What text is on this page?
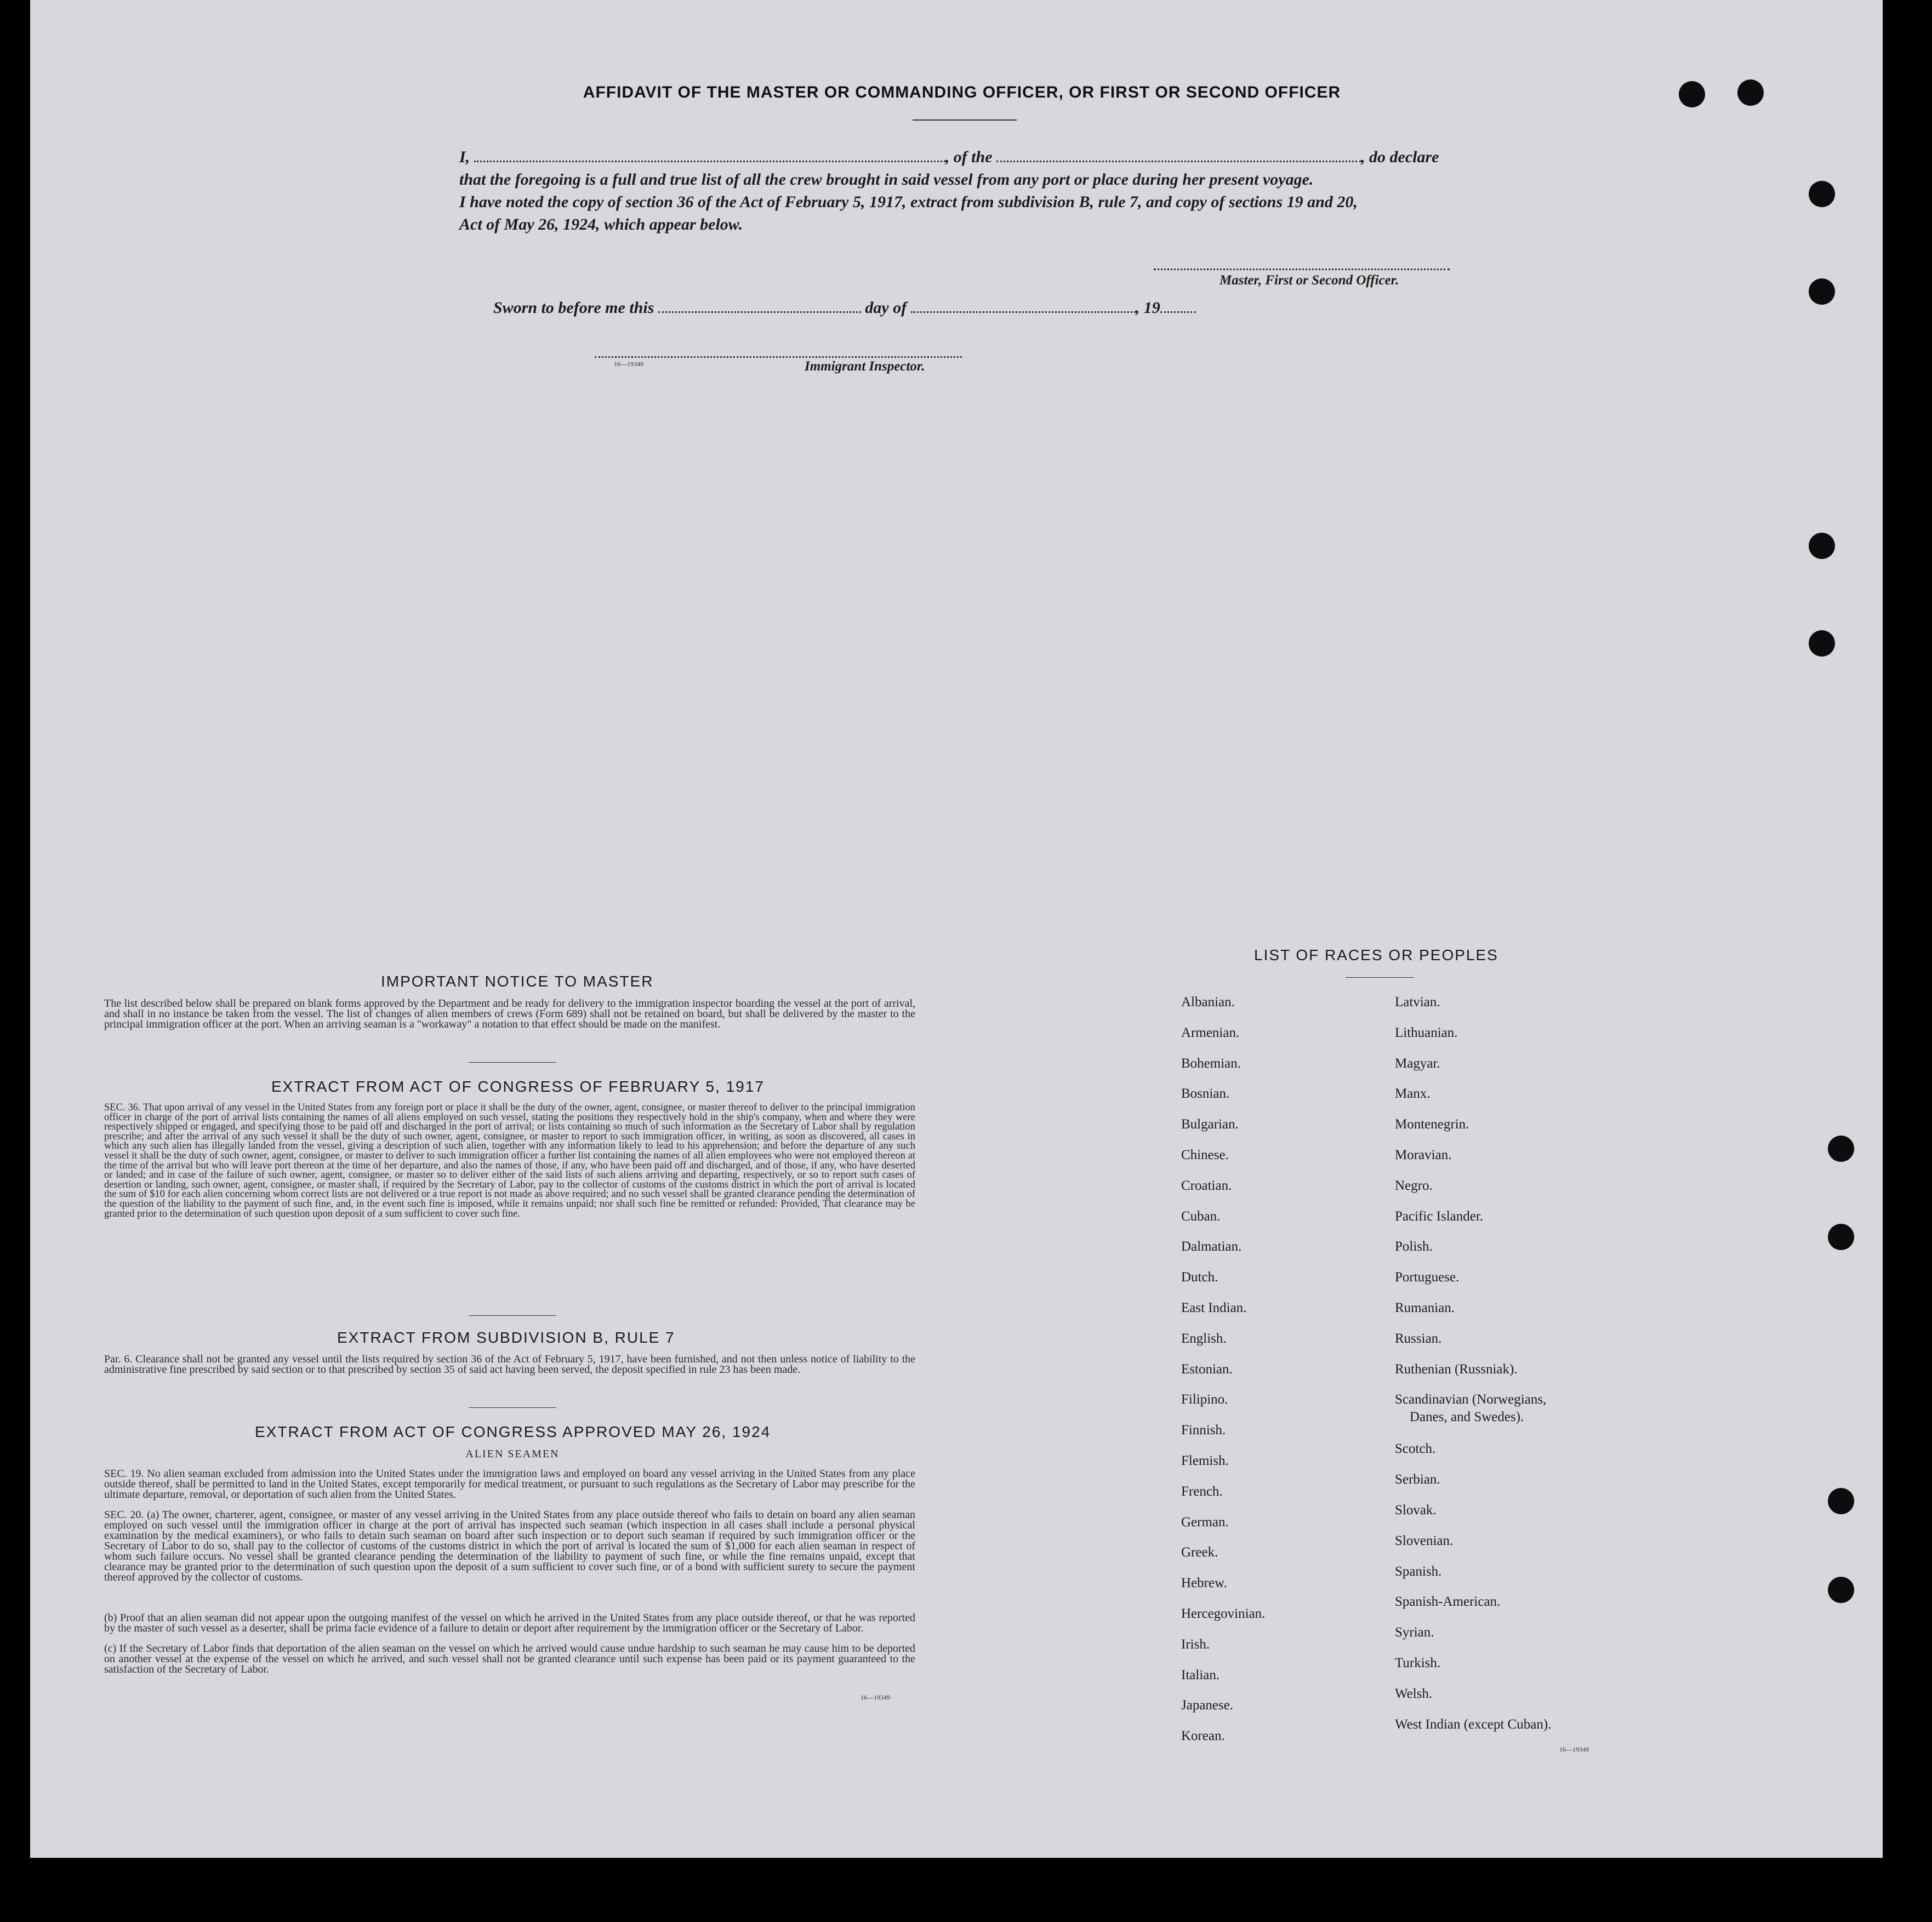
AFFIDAVIT OF THE MASTER OR COMMANDING OFFICER, OR FIRST OR SECOND OFFICER
I,	, of the	, do declare
that the foregoing is a full and true list of all the crew brought in said vessel from any port or place during her present voyage.
I have noted the copy of section 36 of the Act of February 5, 1917, extract from subdivision B, rule 7, and copy of sections 19 and 20,
Act of May 26, 1924, which appear below.
Master, First or Second Officer.
Sworn to before me this	day of	, 19
16—19349	Immigrant Inspector.
IMPORTANT NOTICE TO MASTER
The list described below shall be prepared on blank forms approved by the Department and be ready for delivery to the immigration inspector boarding the vessel at the port of arrival, and shall in no instance be taken from the vessel. The list of changes of alien members of crews (Form 689) shall not be retained on board, but shall be delivered by the master to the principal immigration officer at the port. When an arriving seaman is a "workaway" a notation to that effect should be made on the manifest.
EXTRACT FROM ACT OF CONGRESS OF FEBRUARY 5, 1917
SEC. 36. That upon arrival of any vessel in the United States from any foreign port or place it shall be the duty of the owner, agent, consignee, or master thereof to deliver to the principal immigration officer in charge of the port of arrival lists containing the names of all aliens employed on such vessel, stating the positions they respectively hold in the ship's company, when and where they were respectively shipped or engaged, and specifying those to be paid off and discharged in the port of arrival; or lists containing so much of such information as the Secretary of Labor shall by regulation prescribe; and after the arrival of any such vessel it shall be the duty of such owner, agent, consignee, or master to report to such immigration officer, in writing, as soon as discovered, all cases in which any such alien has illegally landed from the vessel, giving a description of such alien, together with any information likely to lead to his apprehension; and before the departure of any such vessel it shall be the duty of such owner, agent, consignee, or master to deliver to such immigration officer a further list containing the names of all alien employees who were not employed thereon at the time of the arrival but who will leave port thereon at the time of her departure, and also the names of those, if any, who have been paid off and discharged, and of those, if any, who have deserted or landed; and in case of the failure of such owner, agent, consignee, or master so to deliver either of the said lists of such aliens arriving and departing, respectively, or so to report such cases of desertion or landing, such owner, agent, consignee, or master shall, if required by the Secretary of Labor, pay to the collector of customs of the customs district in which the port of arrival is located the sum of $10 for each alien concerning whom correct lists are not delivered or a true report is not made as above required; and no such vessel shall be granted clearance pending the determination of the question of the liability to the payment of such fine, and, in the event such fine is imposed, while it remains unpaid; nor shall such fine be remitted or refunded: Provided, That clearance may be granted prior to the determination of such question upon deposit of a sum sufficient to cover such fine.
EXTRACT FROM SUBDIVISION B, RULE 7
Par. 6. Clearance shall not be granted any vessel until the lists required by section 36 of the Act of February 5, 1917, have been furnished, and not then unless notice of liability to the administrative fine prescribed by said section or to that prescribed by section 35 of said act having been served, the deposit specified in rule 23 has been made.
EXTRACT FROM ACT OF CONGRESS APPROVED MAY 26, 1924
ALIEN SEAMEN
SEC. 19. No alien seaman excluded from admission into the United States under the immigration laws and employed on board any vessel arriving in the United States from any place outside thereof, shall be permitted to land in the United States, except temporarily for medical treatment, or pursuant to such regulations as the Secretary of Labor may prescribe for the ultimate departure, removal, or deportation of such alien from the United States.
SEC. 20. (a) The owner, charterer, agent, consignee, or master of any vessel arriving in the United States from any place outside thereof who fails to detain on board any alien seaman employed on such vessel until the immigration officer in charge at the port of arrival has inspected such seaman (which inspection in all cases shall include a personal physical examination by the medical examiners), or who fails to detain such seaman on board after such inspection or to deport such seaman if required by such immigration officer or the Secretary of Labor to do so, shall pay to the collector of customs of the customs district in which the port of arrival is located the sum of $1,000 for each alien seaman in respect of whom such failure occurs. No vessel shall be granted clearance pending the determination of the liability to payment of such fine, or while the fine remains unpaid, except that clearance may be granted prior to the determination of such question upon the deposit of a sum sufficient to cover such fine, or of a bond with sufficient surety to secure the payment thereof approved by the collector of customs.
(b) Proof that an alien seaman did not appear upon the outgoing manifest of the vessel on which he arrived in the United States from any place outside thereof, or that he was reported by the master of such vessel as a deserter, shall be prima facie evidence of a failure to detain or deport after requirement by the immigration officer or the Secretary of Labor.
(c) If the Secretary of Labor finds that deportation of the alien seaman on the vessel on which he arrived would cause undue hardship to such seaman he may cause him to be deported on another vessel at the expense of the vessel on which he arrived, and such vessel shall not be granted clearance until such expense has been paid or its payment guaranteed to the satisfaction of the Secretary of Labor.
16—19349
LIST OF RACES OR PEOPLES
16—19349
Albanian.
Armenian.
Bohemian.
Bosnian.
Bulgarian.
Chinese.
Croatian.
Cuban.
Dalmatian.
Dutch.
East Indian.
English.
Estonian.
Filipino.
Finnish.
Flemish.
French.
German.
Greek.
Hebrew.
Hercegovinian.
Irish.
Italian.
Japanese.
Korean.
Latvian.
Lithuanian.
Magyar.
Manx.
Montenegrin.
Moravian.
Negro.
Pacific Islander.
Polish.
Portuguese.
Rumanian.
Russian.
Ruthenian (Russniak).
Scandinavian (Norwegians,
Danes, and Swedes).
Scotch.
Serbian.
Slovak.
Slovenian.
Spanish.
Spanish-American.
Syrian.
Turkish.
Welsh.
West Indian (except Cuban).
